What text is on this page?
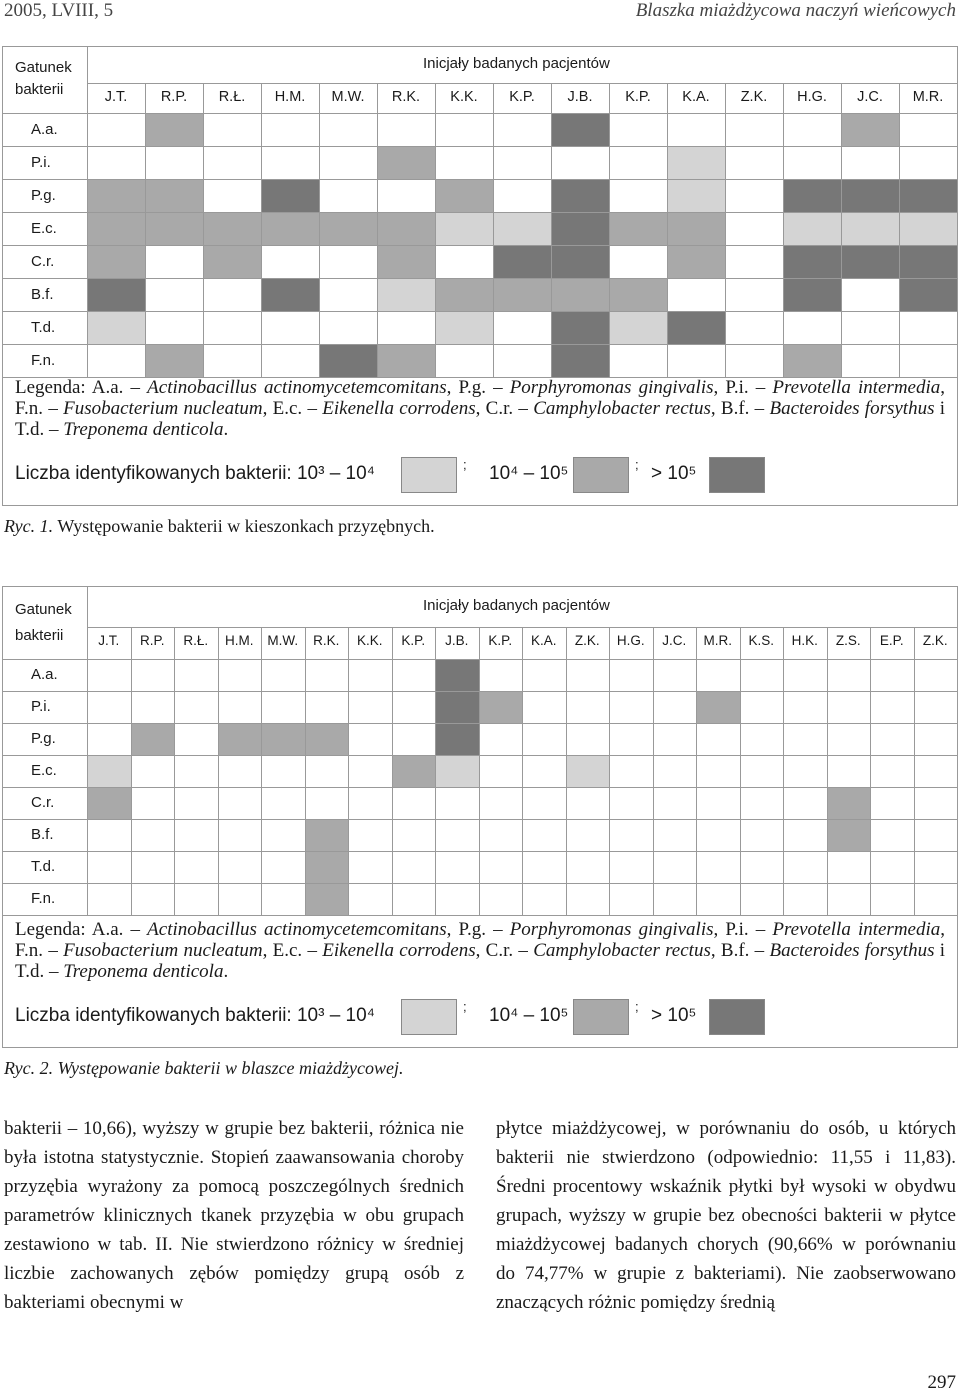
2005, LVIII, 5	Blaszka miażdżycowa naczyń wieńcowych
Gatunek
bakterii
Inicjały badanych pacjentów
J.T.	R.P.	R.Ł.	H.M.	M.W.	R.K.	K.K.	K.P.	J.B.	K.P.	K.A.	Z.K.	H.G.	J.C.	M.R.
A.a.
P.i.
P.g.
E.c.
C.r.
B.f.
T.d.
F.n.
Legenda: A.a. – Actinobacillus actinomycetemcomitans, P.g. – Porphyromonas gingivalis, P.i. – Prevotella intermedia, F.n. – Fusobacterium nucleatum, E.c. – Eikenella corrodens, C.r. – Camphylobacter rectus, B.f. – Bacteroides forsythus i T.d. – Treponema denticola.
Liczba identyfikowanych bakterii: 10³ – 10⁴	; 10⁴ – 10⁵	; > 10⁵
Ryc. 1. Występowanie bakterii w kieszonkach przyzębnych.
Gatunek
bakterii
Inicjały badanych pacjentów
J.T.	R.P.	R.Ł.	H.M.	M.W.	R.K.	K.K.	K.P.	J.B.	K.P.	K.A.	Z.K.	H.G.	J.C.	M.R.	K.S.	H.K.	Z.S.	E.P.	Z.K.
A.a.
P.i.
P.g.
E.c.
C.r.
B.f.
T.d.
F.n.
Legenda: A.a. – Actinobacillus actinomycetemcomitans, P.g. – Porphyromonas gingivalis, P.i. – Prevotella intermedia, F.n. – Fusobacterium nucleatum, E.c. – Eikenella corrodens, C.r. – Camphylobacter rectus, B.f. – Bacteroides forsythus i T.d. – Treponema denticola.
Liczba identyfikowanych bakterii: 10³ – 10⁴	; 10⁴ – 10⁵	; > 10⁵
Ryc. 2. Występowanie bakterii w blaszce miażdżycowej.
bakterii – 10,66), wyższy w grupie bez bakterii, różnica nie była istotna statystycznie. Stopień zaawansowania choroby przyzębia wyrażony za pomocą poszczególnych średnich parametrów klinicznych tkanek przyzębia w obu grupach zestawiono w tab. II. Nie stwierdzono różnicy w średniej liczbie zachowanych zębów pomiędzy grupą osób z bakteriami obecnymi w
płytce miażdżycowej, w porównaniu do osób, u których bakterii nie stwierdzono (odpowiednio: 11,55 i 11,83). Średni procentowy wskaźnik płytki był wysoki w obydwu grupach, wyższy w grupie bez obecności bakterii w płytce miażdżycowej badanych chorych (90,66% w porównaniu do 74,77% w grupie z bakteriami). Nie zaobserwowano znaczących różnic pomiędzy średnią
297
